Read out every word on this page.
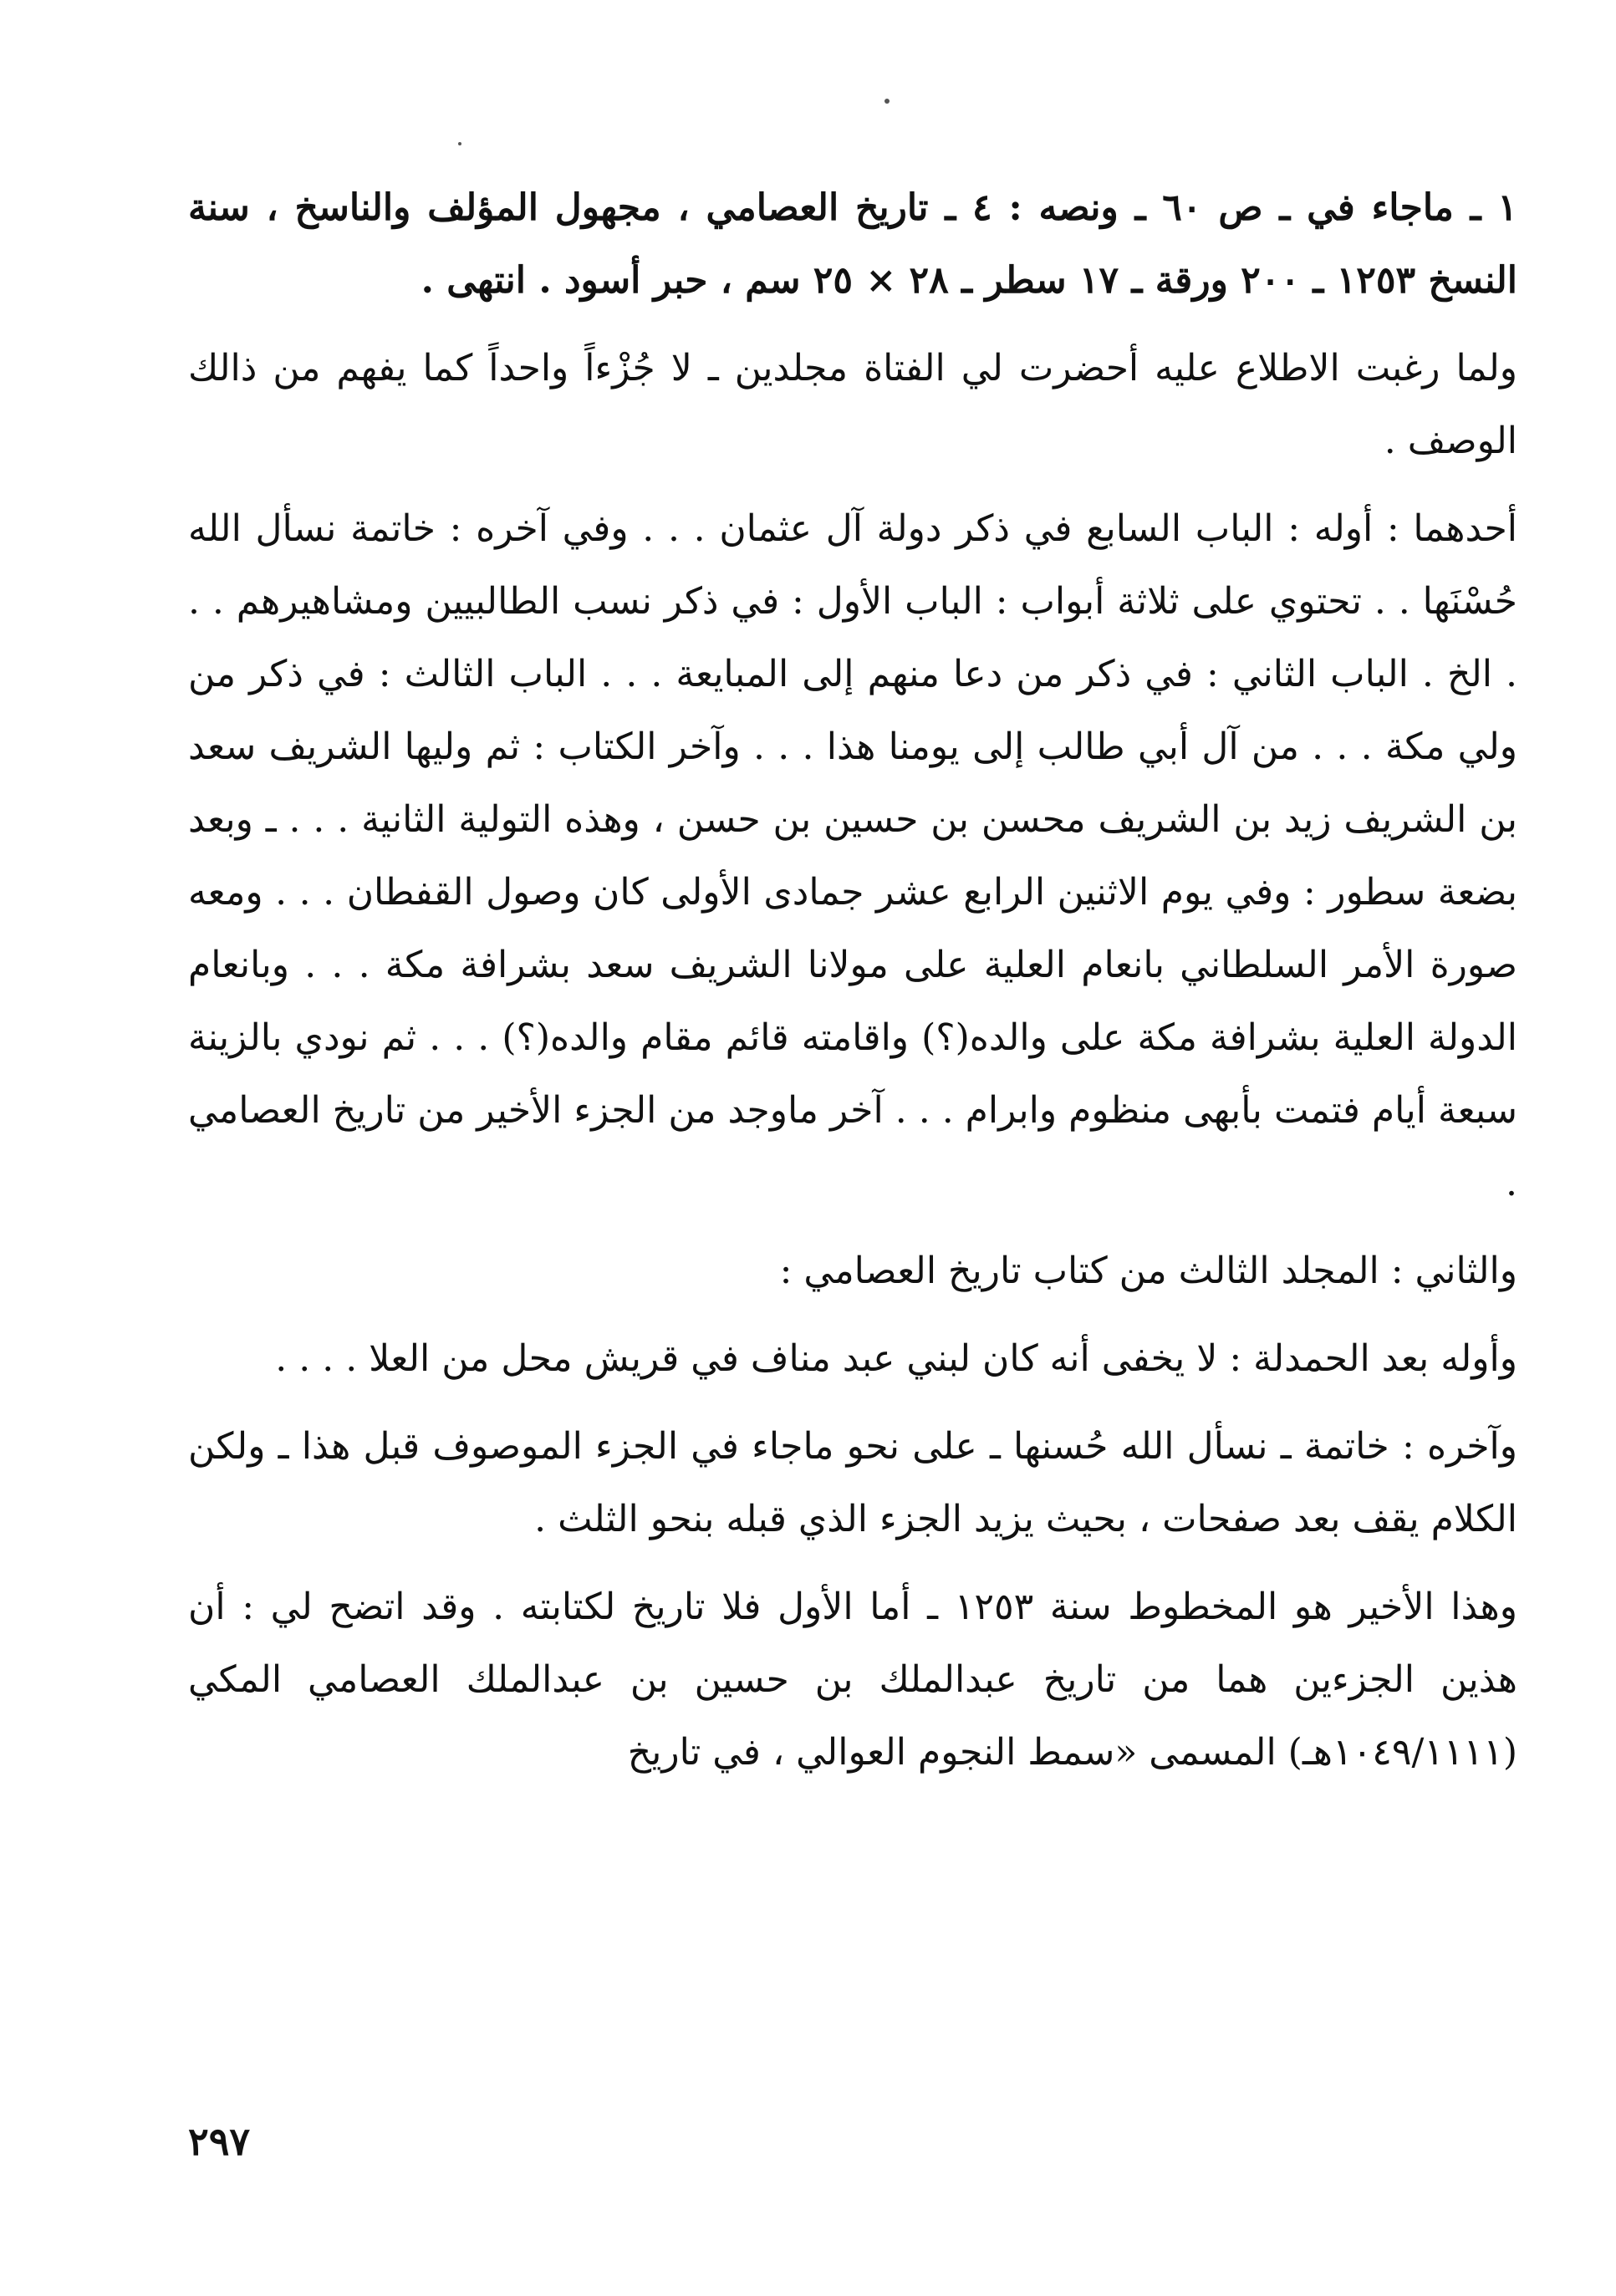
١ ـ ماجاء في ـ ص ٦٠ ـ ونصه : ٤ ـ تاريخ العصامي ، مجهول المؤلف والناسخ ، سنة النسخ ١٢٥٣ ـ ٢٠٠ ورقة ـ ١٧ سطر ـ ٢٨ × ٢٥ سم ، حبر أسود . انتهى .

ولما رغبت الاطلاع عليه أحضرت لي الفتاة مجلدين ـ لا جُزْءاً واحداً كما يفهم من ذالك الوصف .

أحدهما : أوله : الباب السابع في ذكر دولة آل عثمان . . . وفي آخره : خاتمة نسأل الله حُسْنَها . . تحتوي على ثلاثة أبواب : الباب الأول : في ذكر نسب الطالبيين ومشاهيرهم . . . الخ . الباب الثاني : في ذكر من دعا منهم إلى المبايعة . . . الباب الثالث : في ذكر من ولي مكة . . . من آل أبي طالب إلى يومنا هذا . . . وآخر الكتاب : ثم وليها الشريف سعد بن الشريف زيد بن الشريف محسن بن حسين بن حسن ، وهذه التولية الثانية . . . ـ وبعد بضعة سطور : وفي يوم الاثنين الرابع عشر جمادى الأولى كان وصول القفطان . . . ومعه صورة الأمر السلطاني بانعام العلية على مولانا الشريف سعد بشرافة مكة . . . وبانعام الدولة العلية بشرافة مكة على والده(؟) واقامته قائم مقام والده(؟) . . . ثم نودي بالزينة سبعة أيام فتمت بأبهى منظوم وابرام . . . آخر ماوجد من الجزء الأخير من تاريخ العصامي .

والثاني : المجلد الثالث من كتاب تاريخ العصامي :

وأوله بعد الحمدلة : لا يخفى أنه كان لبني عبد مناف في قريش محل من العلا . . . .

وآخره : خاتمة ـ نسأل الله حُسنها ـ على نحو ماجاء في الجزء الموصوف قبل هذا ـ ولكن الكلام يقف بعد صفحات ، بحيث يزيد الجزء الذي قبله بنحو الثلث .

وهذا الأخير هو المخطوط سنة ١٢٥٣ ـ أما الأول فلا تاريخ لكتابته . وقد اتضح لي : أن هذين الجزءين هما من تاريخ عبدالملك بن حسين بن عبدالملك العصامي المكي (١٠٤٩/١١١١هـ) المسمى «سمط النجوم العوالي ، في تاريخ

٢٩٧
